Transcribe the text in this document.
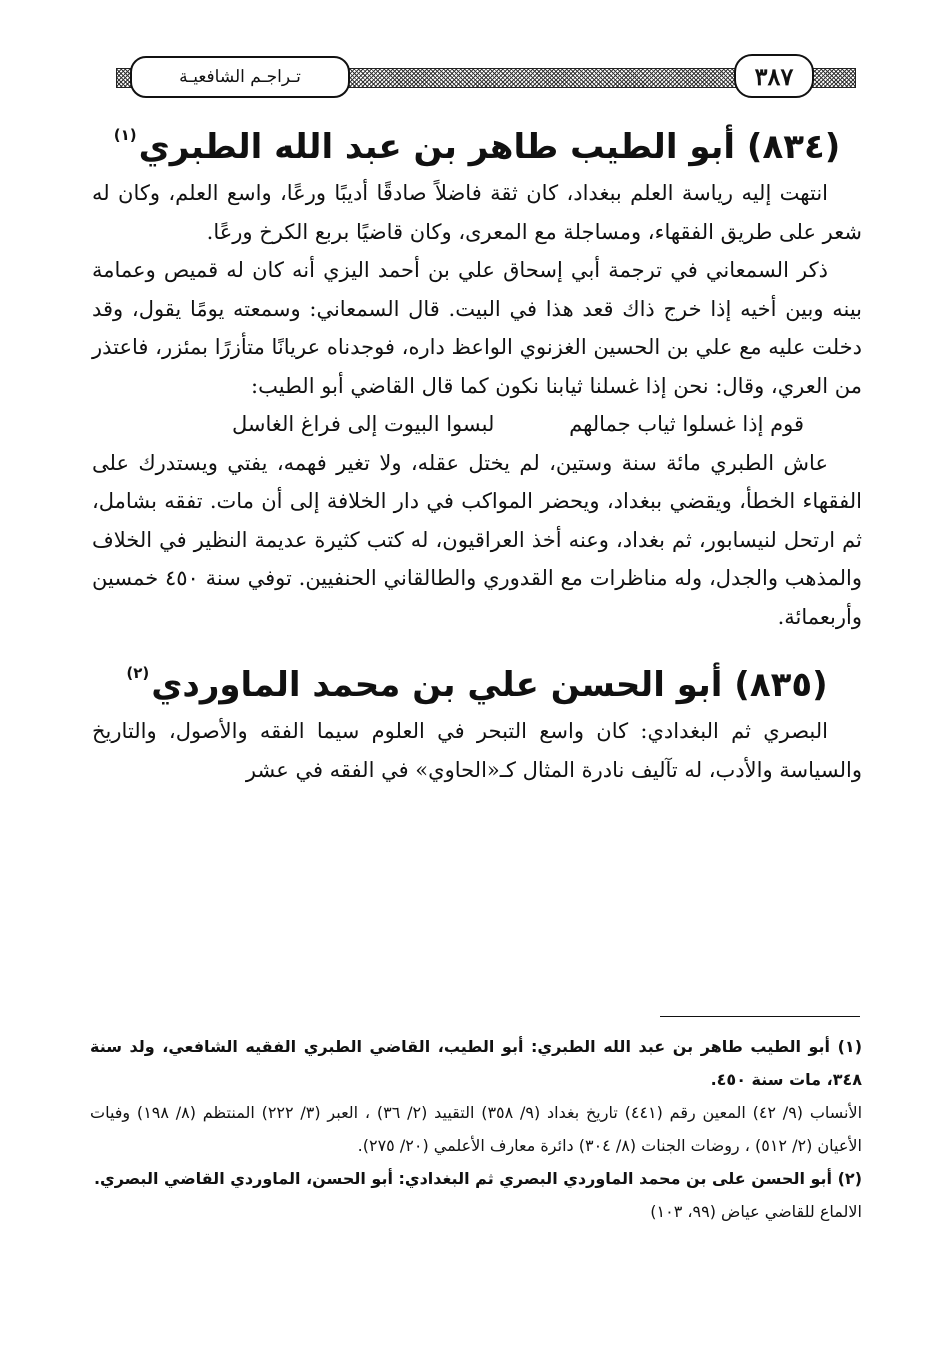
تـراجـم الشافعيـة	٣٨٧
(٨٣٤) أبو الطيب طاهر بن عبد الله الطبري$^{(١)}$

انتهت إليه رياسة العلم ببغداد، كان ثقة فاضلاً صادقًا أديبًا ورعًا، واسع العلم، وكان له شعر على طريق الفقهاء، ومساجلة مع المعرى، وكان قاضيًا بربع الكرخ ورعًا.

ذكر السمعاني في ترجمة أبي إسحاق علي بن أحمد اليزي أنه كان له قميص وعمامة بينه وبين أخيه إذا خرج ذاك قعد هذا في البيت. قال السمعاني: وسمعته يومًا يقول، وقد دخلت عليه مع علي بن الحسين الغزنوي الواعظ داره، فوجدناه عريانًا متأزرًا بمئزر، فاعتذر من العري، وقال: نحن إذا غسلنا ثيابنا نكون كما قال القاضي أبو الطيب:

قوم إذا غسلوا ثياب جمالهم
لبسوا البيوت إلى فراغ الغاسل

عاش الطبري مائة سنة وستين، لم يختل عقله، ولا تغير فهمه، يفتي ويستدرك على الفقهاء الخطأ، ويقضي ببغداد، ويحضر المواكب في دار الخلافة إلى أن مات. تفقه بشامل، ثم ارتحل لنيسابور، ثم بغداد، وعنه أخذ العراقيون، له كتب كثيرة عديمة النظير في الخلاف والمذهب والجدل، وله مناظرات مع القدوري والطالقاني الحنفيين. توفي سنة ٤٥٠ خمسين وأربعمائة.

(٨٣٥) أبو الحسن علي بن محمد الماوردي$^{(٢)}$

البصري ثم البغدادي: كان واسع التبحر في العلوم سيما الفقه والأصول، والتاريخ والسياسة والأدب، له تآليف نادرة المثال كـ«الحاوي» في الفقه في عشر

(١) أبو الطيب طاهر بن عبد الله الطبري: أبو الطيب، القاضي الطبري الفقيه الشافعي، ولد سنة ٣٤٨، مات سنة ٤٥٠.

الأنساب (٩/ ٤٢) المعين رقم (٤٤١) تاريخ بغداد (٩/ ٣٥٨) التقييد (٢/ ٣٦) ، العبر (٣/ ٢٢٢) المنتظم (٨/ ١٩٨) وفيات الأعيان (٢/ ٥١٢) ، روضات الجنات (٨/ ٣٠٤) دائرة معارف الأعلمي (٢٠/ ٢٧٥).

(٢) أبو الحسن على بن محمد الماوردي البصري ثم البغدادي: أبو الحسن، الماوردي القاضي البصري.

الالماع للقاضي عياض (٩٩، ١٠٣)
